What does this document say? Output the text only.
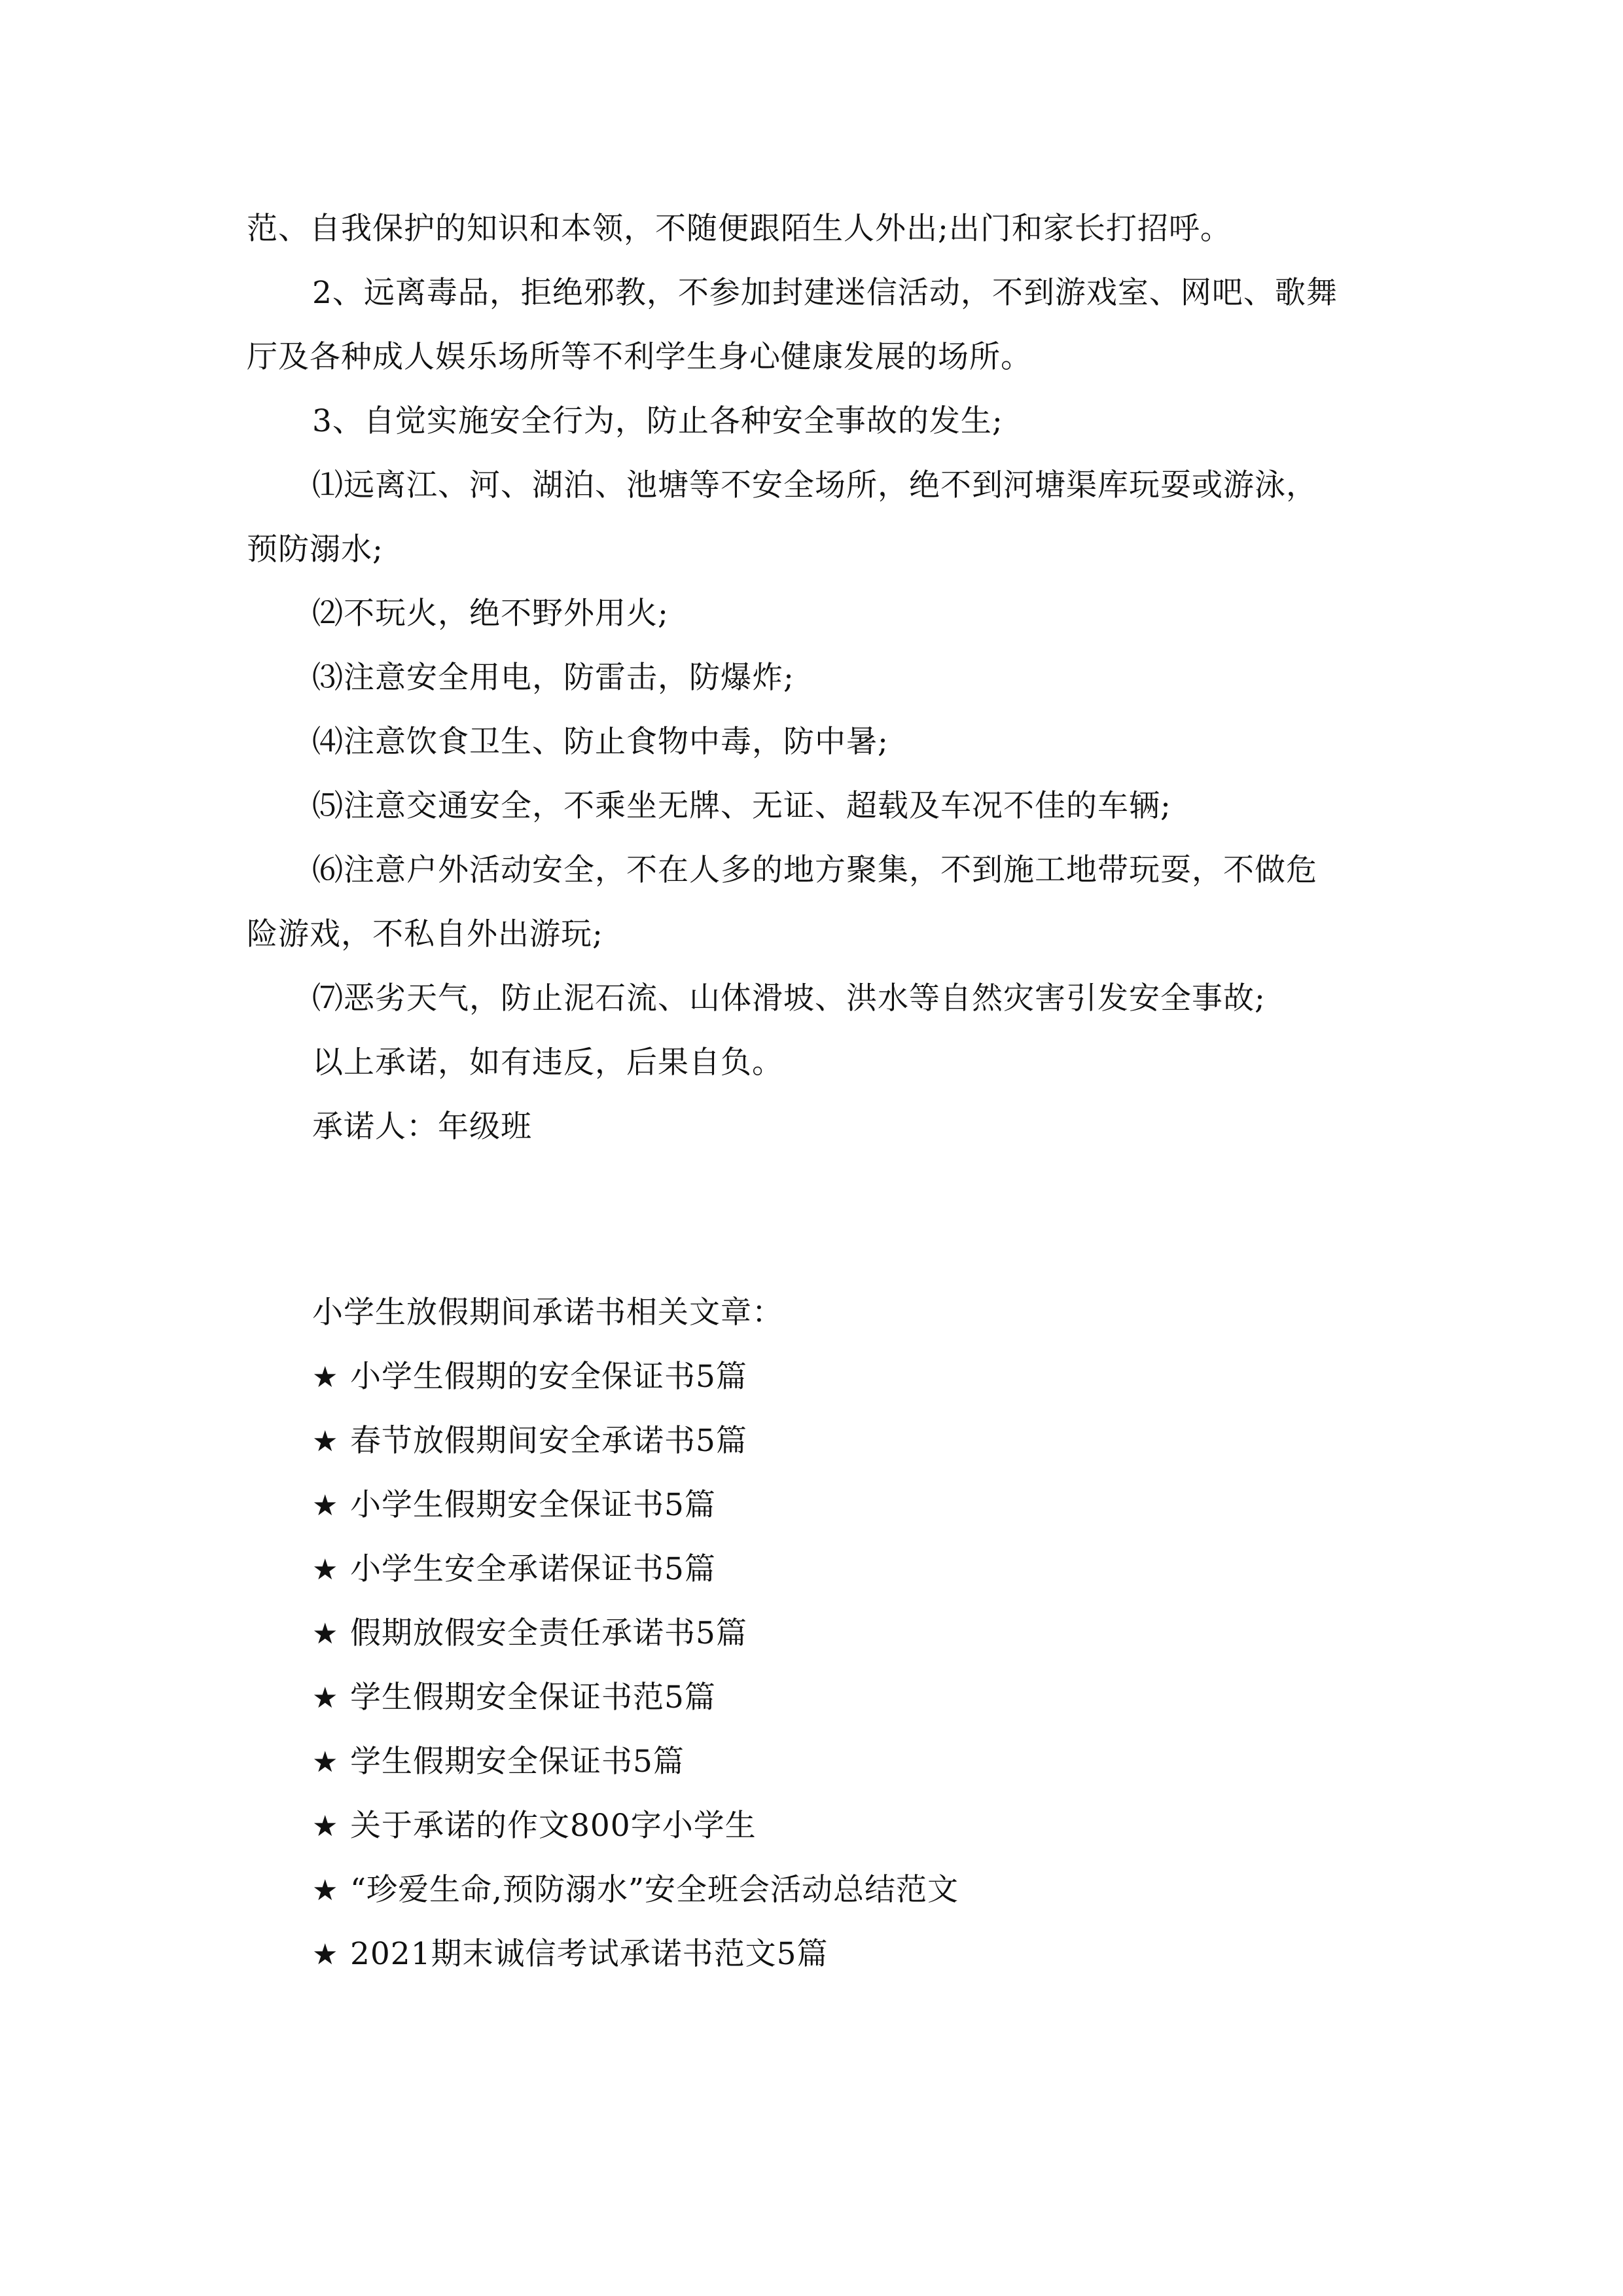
范、自我保护的知识和本领，不随便跟陌生人外出;出门和家长打招呼。
2、远离毒品，拒绝邪教，不参加封建迷信活动，不到游戏室、网吧、歌舞
厅及各种成人娱乐场所等不利学生身心健康发展的场所。
3、自觉实施安全行为，防止各种安全事故的发生;
⑴远离江、河、湖泊、池塘等不安全场所，绝不到河塘渠库玩耍或游泳，
预防溺水;
⑵不玩火，绝不野外用火;
⑶注意安全用电，防雷击，防爆炸;
⑷注意饮食卫生、防止食物中毒，防中暑;
⑸注意交通安全，不乘坐无牌、无证、超载及车况不佳的车辆;
⑹注意户外活动安全，不在人多的地方聚集，不到施工地带玩耍，不做危
险游戏，不私自外出游玩;
⑺恶劣天气，防止泥石流、山体滑坡、洪水等自然灾害引发安全事故;
以上承诺，如有违反，后果自负。
承诺人：年级班
小学生放假期间承诺书相关文章：
★ 小学生假期的安全保证书5篇
★ 春节放假期间安全承诺书5篇
★ 小学生假期安全保证书5篇
★ 小学生安全承诺保证书5篇
★ 假期放假安全责任承诺书5篇
★ 学生假期安全保证书范5篇
★ 学生假期安全保证书5篇
★ 关于承诺的作文800字小学生
★ “珍爱生命,预防溺水”安全班会活动总结范文
★ 2021期末诚信考试承诺书范文5篇
